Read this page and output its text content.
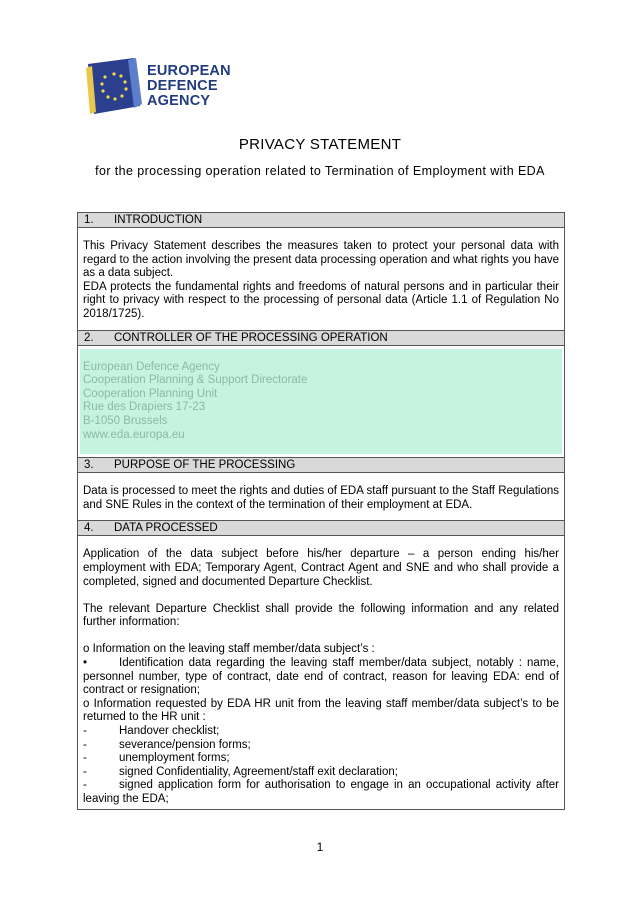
EUROPEAN
DEFENCE
AGENCY
PRIVACY STATEMENT
for the processing operation related to Termination of Employment with EDA
1. INTRODUCTION

This Privacy Statement describes the measures taken to protect your personal data with regard to the action involving the present data processing operation and what rights you have as a data subject.

EDA protects the fundamental rights and freedoms of natural persons and in particular their right to privacy with respect to the processing of personal data (Article 1.1 of Regulation No 2018/1725).

2. CONTROLLER OF THE PROCESSING OPERATION
European Defence Agency
Cooperation Planning & Support Directorate
Cooperation Planning Unit
Rue des Drapiers 17-23
B-1050 Brussels
www.eda.europa.eu
3. PURPOSE OF THE PROCESSING

Data is processed to meet the rights and duties of EDA staff pursuant to the Staff Regulations and SNE Rules in the context of the termination of their employment at EDA.

4. DATA PROCESSED

Application of the data subject before his/her departure – a person ending his/her employment with EDA; Temporary Agent, Contract Agent and SNE and who shall provide a completed, signed and documented Departure Checklist.

The relevant Departure Checklist shall provide the following information and any related further information:

o Information on the leaving staff member/data subject’s :

•	Identification data regarding the leaving staff member/data subject, notably : name, personnel number, type of contract, date end of contract, reason for leaving EDA: end of contract or resignation;

o Information requested by EDA HR unit from the leaving staff member/data subject’s to be returned to the HR unit :

-	Handover checklist;
-	severance/pension forms;
-	unemployment forms;
-	signed Confidentiality, Agreement/staff exit declaration;
-	signed application form for authorisation to engage in an occupational activity after leaving the EDA;
1
